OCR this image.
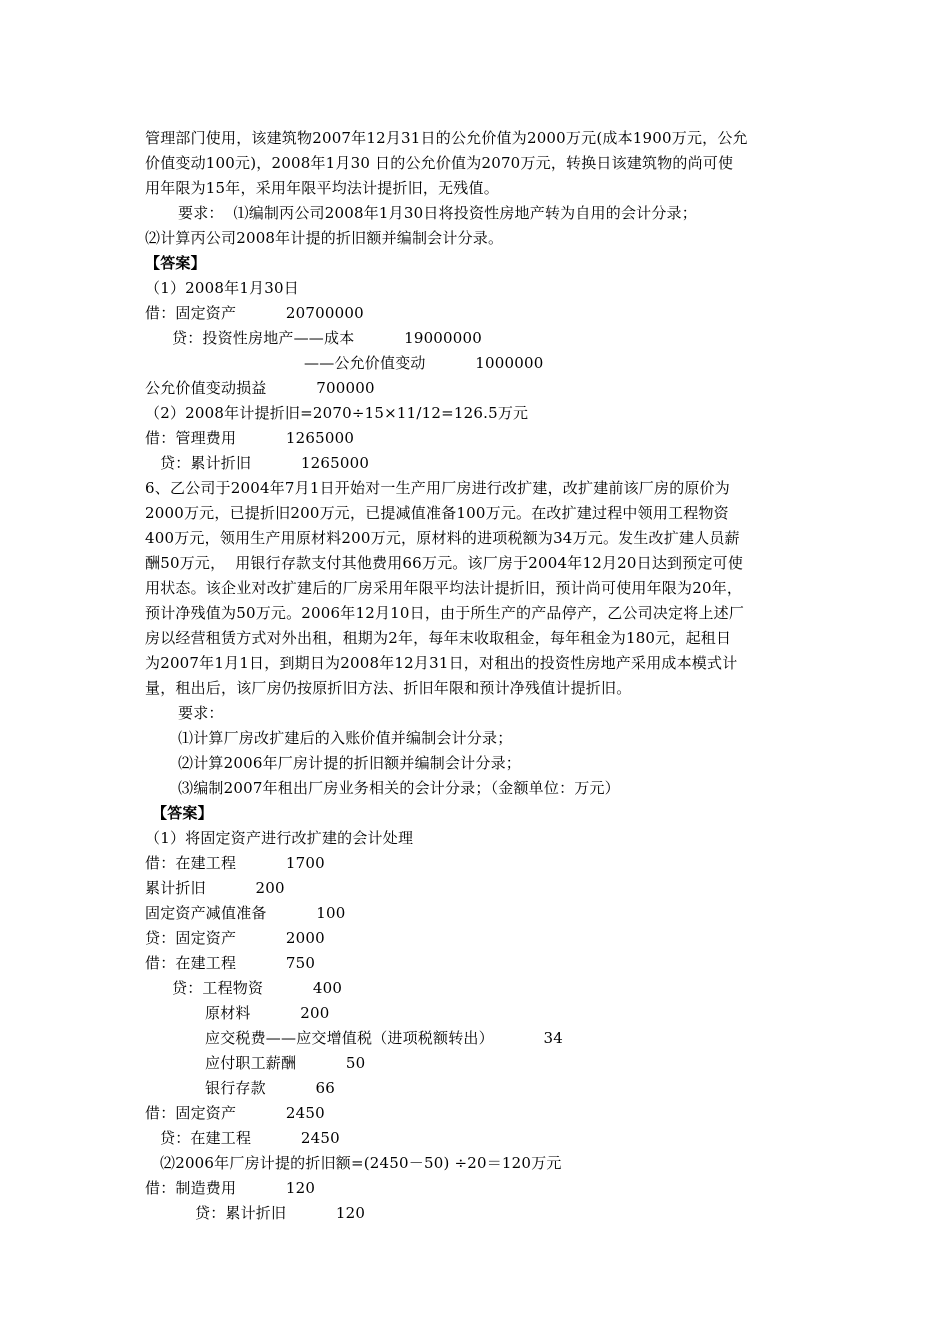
管理部门使用，该建筑物2007年12月31日的公允价值为2000万元(成本1900万元，公允
价值变动100元)，2008年1月30 日的公允价值为2070万元，转换日该建筑物的尚可使
用年限为15年，采用年限平均法计提折旧，无残值。
要求：  ⑴编制丙公司2008年1月30日将投资性房地产转为自用的会计分录；
⑵计算丙公司2008年计提的折旧额并编制会计分录。
【答案】
（1）2008年1月30日
借：固定资产          20700000
贷：投资性房地产——成本          19000000
——公允价值变动          1000000
公允价值变动损益          700000
（2）2008年计提折旧=2070÷15×11/12=126.5万元
借：管理费用          1265000
贷：累计折旧          1265000
6、乙公司于2004年7月1日开始对一生产用厂房进行改扩建，改扩建前该厂房的原价为
2000万元，已提折旧200万元，已提减值准备100万元。在改扩建过程中领用工程物资
400万元，领用生产用原材料200万元，原材料的进项税额为34万元。发生改扩建人员薪
酬50万元，  用银行存款支付其他费用66万元。该厂房于2004年12月20日达到预定可使
用状态。该企业对改扩建后的厂房采用年限平均法计提折旧，预计尚可使用年限为20年，
预计净残值为50万元。2006年12月10日，由于所生产的产品停产，乙公司决定将上述厂
房以经营租赁方式对外出租，租期为2年，每年末收取租金，每年租金为180元，起租日
为2007年1月1日，到期日为2008年12月31日，对租出的投资性房地产采用成本模式计
量，租出后，该厂房仍按原折旧方法、折旧年限和预计净残值计提折旧。
要求：
⑴计算厂房改扩建后的入账价值并编制会计分录；
⑵计算2006年厂房计提的折旧额并编制会计分录；
⑶编制2007年租出厂房业务相关的会计分录；（金额单位：万元）
【答案】
（1）将固定资产进行改扩建的会计处理
借：在建工程          1700
累计折旧          200
固定资产减值准备          100
贷：固定资产          2000
借：在建工程          750
贷：工程物资          400
原材料          200
应交税费——应交增值税（进项税额转出）          34
应付职工薪酬          50
银行存款          66
借：固定资产          2450
贷：在建工程          2450
⑵2006年厂房计提的折旧额=(2450－50) ÷20＝120万元
借：制造费用          120
贷：累计折旧          120
